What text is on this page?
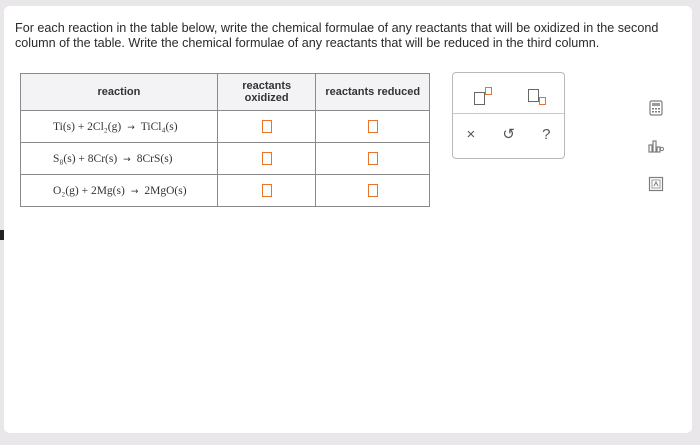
For each reaction in the table below, write the chemical formulae of any reactants that will be oxidized in the second column of the table. Write the chemical formulae of any reactants that will be reduced in the third column.
reaction	reactants oxidized	reactants reduced
Ti(s) + 2Cl₂(g) → TiCl₄(s)		
S₈(s) + 8Cr(s) → 8CrS(s)		
O₂(g) + 2Mg(s) → 2MgO(s)		
× ↺ ?
